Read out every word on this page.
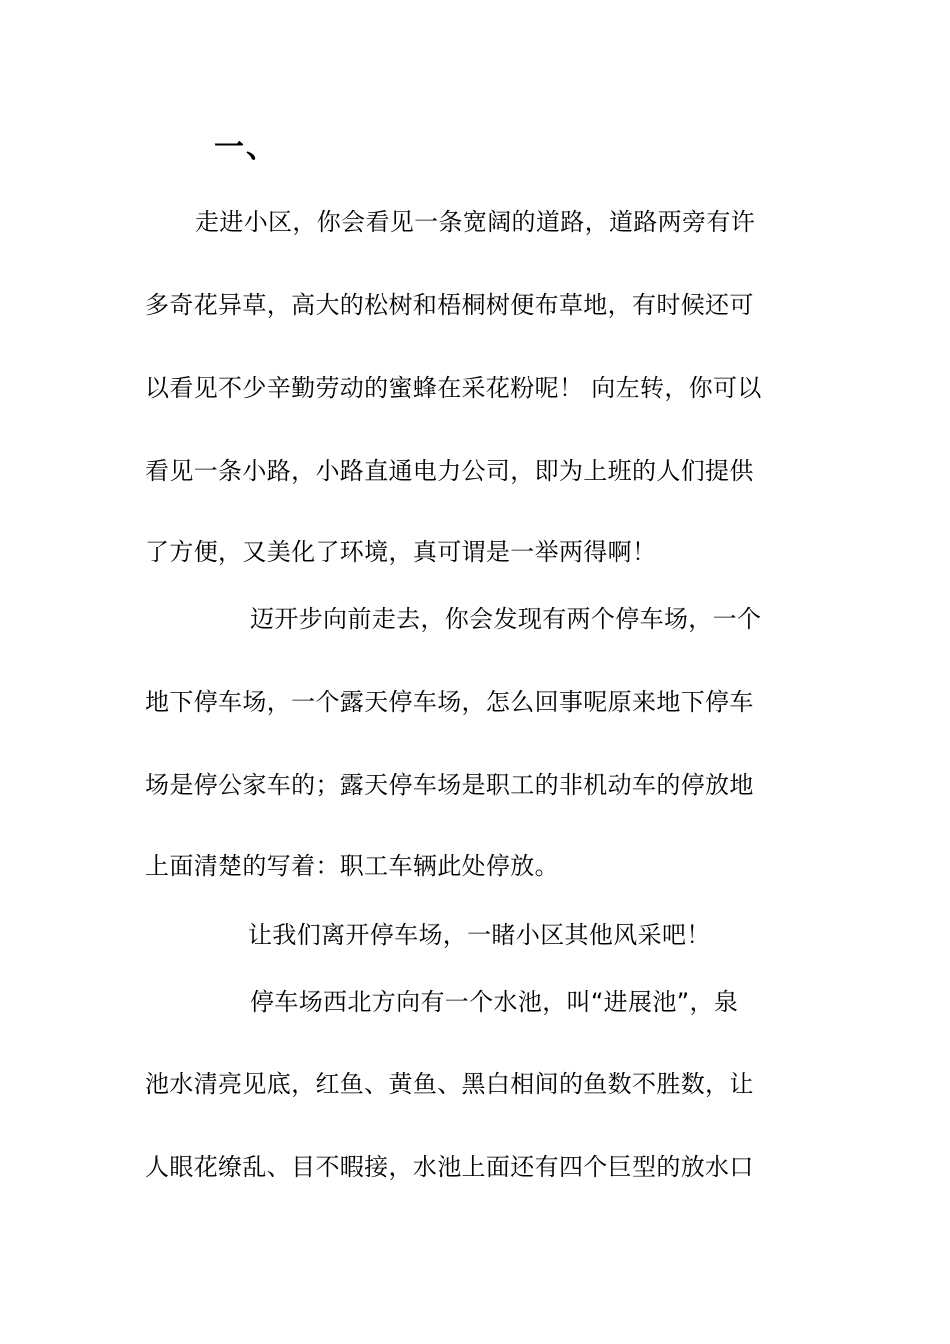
一、
走进小区，你会看见一条宽阔的道路，道路两旁有许
多奇花异草，高大的松树和梧桐树便布草地，有时候还可
以看见不少辛勤劳动的蜜蜂在采花粉呢！ 向左转，你可以
看见一条小路，小路直通电力公司，即为上班的人们提供
了方便，又美化了环境，真可谓是一举两得啊！
迈开步向前走去，你会发现有两个停车场，一个
地下停车场，一个露天停车场，怎么回事呢原来地下停车
场是停公家车的；露天停车场是职工的非机动车的停放地
上面清楚的写着：职工车辆此处停放。
让我们离开停车场，一睹小区其他风采吧！
停车场西北方向有一个水池，叫“进展池”，泉
池水清亮见底，红鱼、黄鱼、黑白相间的鱼数不胜数，让
人眼花缭乱、目不暇接，水池上面还有四个巨型的放水口
